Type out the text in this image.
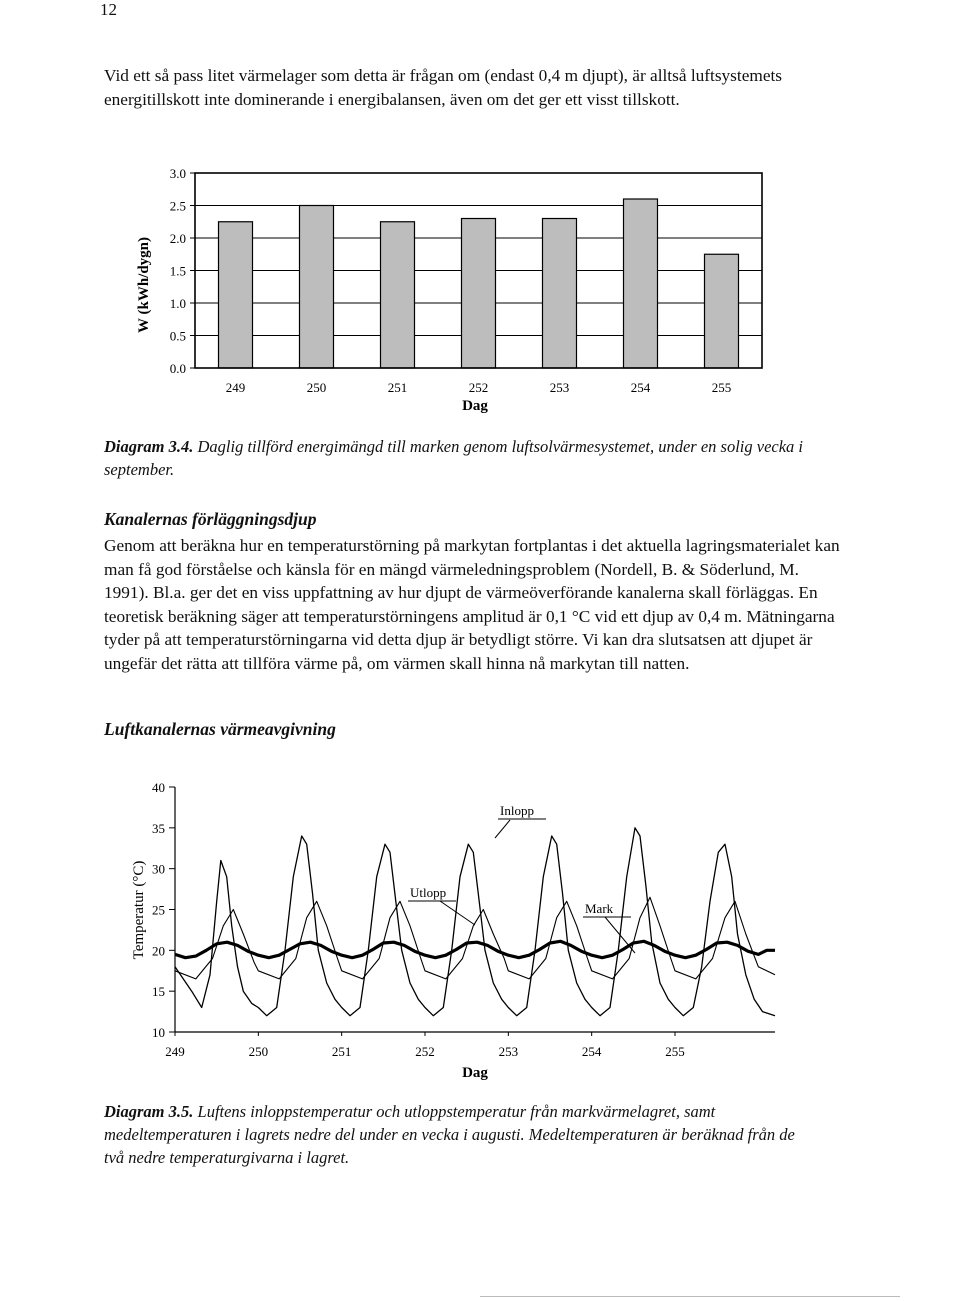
12

Vid ett så pass litet värmelager som detta är frågan om (endast 0,4 m djupt), är alltså luftsystemets energitillskott inte dominerande i energibalansen, även om det ger ett visst tillskott.

0.0
0.5
1.0
1.5
2.0
2.5
3.0
249	250	251	252	253	254	255
Dag
W (kWh/dygn)

Diagram 3.4. Daglig tillförd energimängd till marken genom luftsolvärmesystemet, under en solig vecka i september.

Kanalernas förläggningsdjup

Genom att beräkna hur en temperaturstörning på markytan fortplantas i det aktuella lagringsmaterialet kan man få god förståelse och känsla för en mängd värmeledningsproblem (Nordell, B. & Söderlund, M. 1991). Bl.a. ger det en viss uppfattning av hur djupt de värmeöverförande kanalerna skall förläggas. En teoretisk beräkning säger att temperaturstörningens amplitud är 0,1 °C vid ett djup av 0,4 m. Mätningarna tyder på att temperaturstörningarna vid detta djup är betydligt större. Vi kan dra slutsatsen att djupet är ungefär det rätta att tillföra värme på, om värmen skall hinna nå markytan till natten.

Luftkanalernas värmeavgivning

10
15
20
25
30
35
40
249	250	251	252	253	254	255
Inlopp
Utlopp
Mark
Dag
Temperatur (°C)

Diagram 3.5. Luftens inloppstemperatur och utloppstemperatur från markvärmelagret, samt medeltemperaturen i lagrets nedre del under en vecka i augusti. Medeltemperaturen är beräknad från de två nedre temperaturgivarna i lagret.
